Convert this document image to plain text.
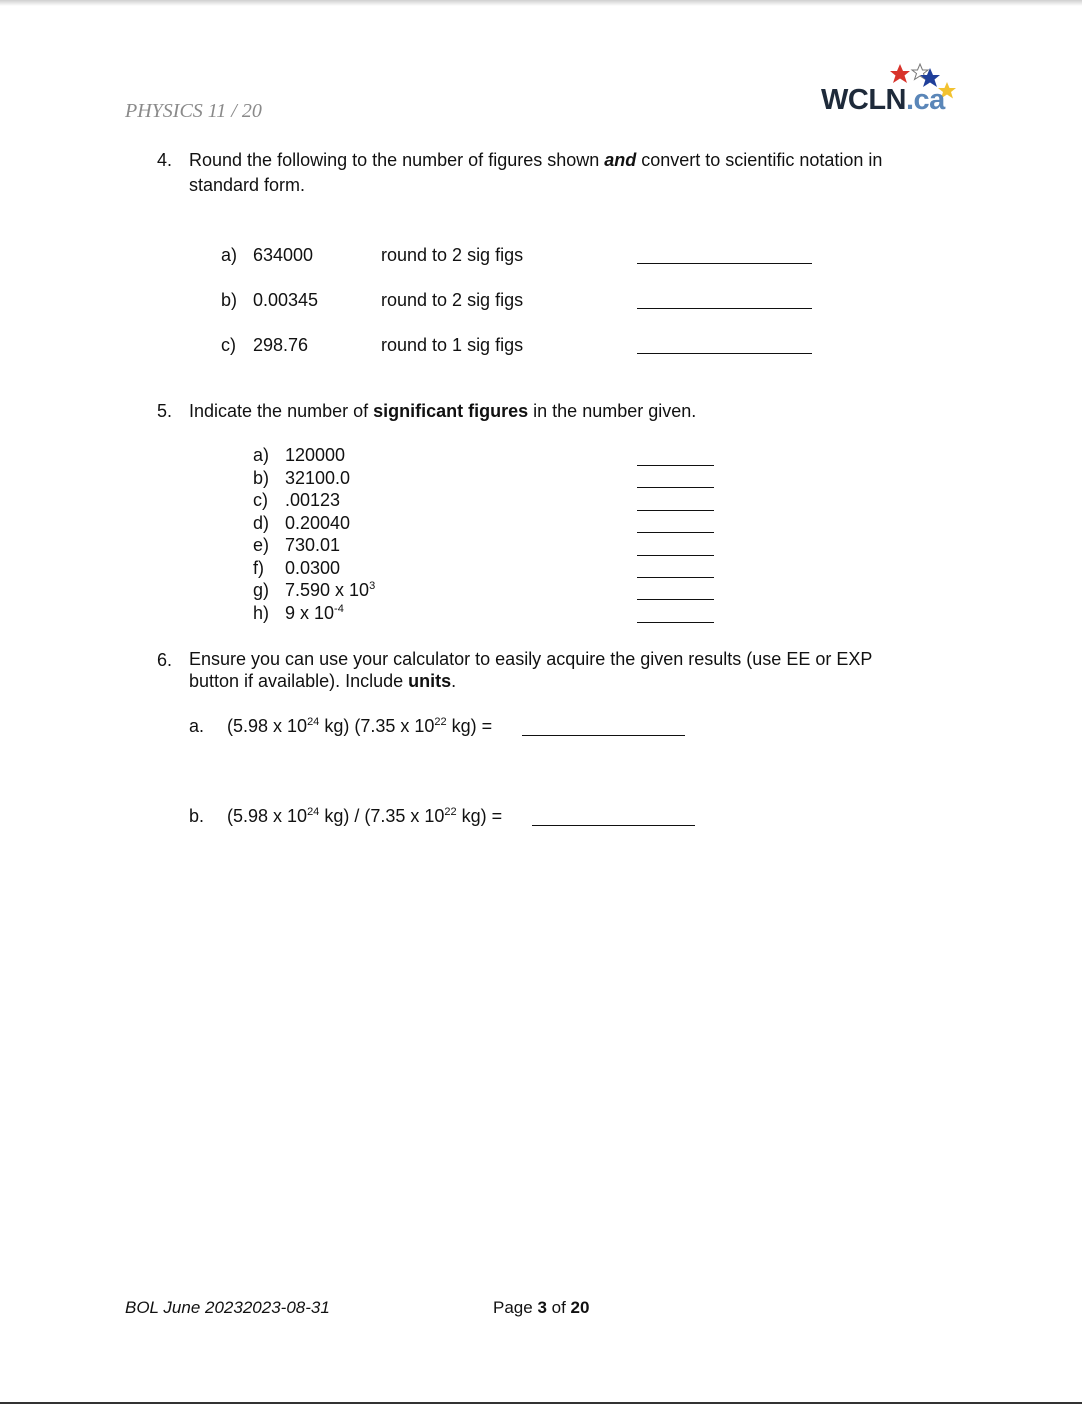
PHYSICS 11 / 20	WCLN.ca
4. Round the following to the number of figures shown and convert to scientific notation in
standard form.
a) 634000	round to 2 sig figs
b) 0.00345	round to 2 sig figs
c) 298.76	round to 1 sig figs
5. Indicate the number of significant figures in the number given.
a) 120000
b) 32100.0
c) .00123
d) 0.20040
e) 730.01
f) 0.0300
g) 7.590 x $10^3$
h) 9 x $10^{-4}$
6. Ensure you can use your calculator to easily acquire the given results (use EE or EXP
button if available). Include units.
a. (5.98 x $10^{24}$ kg) (7.35 x $10^{22}$ kg) =
b. (5.98 x $10^{24}$ kg) / (7.35 x $10^{22}$ kg) =
BOL June 20232023-08-31	Page 3 of 20
